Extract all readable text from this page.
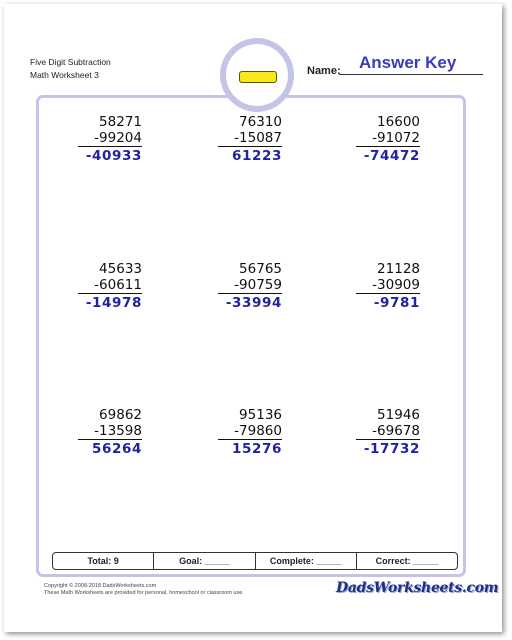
Five Digit Subtraction
Math Worksheet 3	Name: Answer Key
58271
-99204
-40933
76310
-15087
61223
16600
-91072
-74472
45633
-60611
-14978
56765
-90759
-33994
21128
-30909
-9781
69862
-13598
56264
95136
-79860
15276
51946
-69678
-17732
Total: 9	Goal: _____	Complete: _____	Correct: _____
Copyright © 2008-2018 DadsWorksheets.com
These Math Worksheets are provided for personal, homeschool or classroom use.	DadsWorksheets.com
